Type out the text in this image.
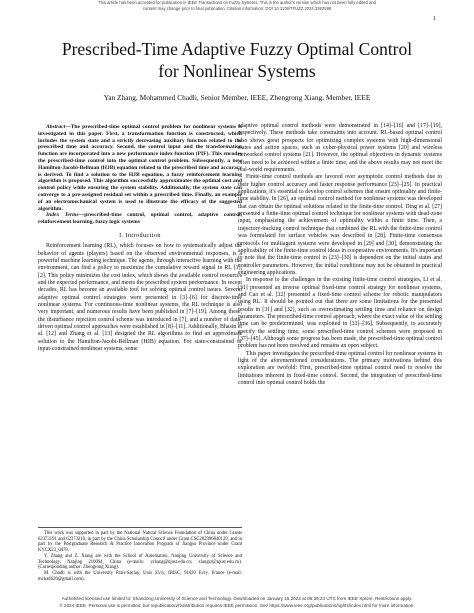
This article has been accepted for publication in IEEE Transactions on Fuzzy Systems. This is the author's version which has not been fully edited and
content may change prior to final publication. Citation information: DOI 10.1109/TFUZZ.2024.3362596
1
Prescribed-Time Adaptive Fuzzy Optimal Control
for Nonlinear Systems
Yan Zhang, Mohammed Chadli, Senior Member, IEEE, Zhengrong Xiang, Member, IEEE

Abstract—The prescribed-time optimal control problem for nonlinear systems is investigated in this paper. First, a transformation function is constructed, which includes the system state and a strictly decreasing auxiliary function related to the prescribed time and accuracy. Second, the control input and the transformation function are incorporated into a new performance index function (PIF). This encodes the prescribed-time control into the optimal control problem. Subsequently, a new Hamilton-Jacobi-Bellman (HJB) equation related to the prescribed time and accuracy is derived. To find a solution to the HJB equation, a fuzzy reinforcement learning algorithm is proposed. This algorithm successfully approximates the optimal cost and control policy while ensuring the system stability. Additionally, the system state can converge to a pre-assigned residual set within a prescribed time. Finally, an example of an electromechanical system is used to illustrate the efficacy of the suggested algorithm.

Index Terms—prescribed-time control, optimal control, adaptive control, reinforcement learning, fuzzy logic systems

I. Introduction

Reinforcement learning (RL), which focuses on how to systematically adjust the behavior of agents (players) based on the observed environmental responses, is a powerful machine learning technique. The agents, through interactive learning with the environment, can find a policy to maximize the cumulative reward signal in RL [1], [2]. This policy minimizes the cost index, which shows the available control resources and the expected performance, and meets the prescribed system performance. In recent decades, RL has become an available tool for solving optimal control issues. Several adaptive optimal control strategies were presented in [3]–[6] for discrete-time nonlinear systems. For continuous-time nonlinear systems, the RL technique is also very important, and numerous results have been published in [7]–[19]. Among these, the disturbance rejection control scheme was introduced in [7], and a number of data-driven optimal control approaches were established in [8]–[11]. Additionally, Bhasin et al. [12] and Zhang et al. [13] designed the RL algorithms to find an approximate solution to the Hamilton-Jacobi-Bellman (HJB) equation. For state-constrained or input-constrained nonlinear systems, some

This work was supported in part by the National Natural Science Foundation of China under Grants 62373191 and 62373210, in part by the China Scholarship Council under Grant CSC202306840129, and in part by the Postgraduate Research & Practice Innovation Program of Jiangsu Province under Grant KYCX23_0478.

Y. Zhang and Z. Xiang are with the School of Automation, Nanjing University of Science and Technology, Nanjing 210094, China (e-mails: yzhang@njust.edu.cn; xiangzr@njust.edu.cn). (Corresponding author: Zhengrong Xiang).

M. Chadli is with the University Paris-Saclay, Univ Evry, IBISC, 91020 Evry, France (e-mail: mchadli20@gmail.com).

adaptive optimal control methods were demonstrated in [14]–[16] and [17]–[19], respectively. These methods take constraints into account. RL-based optimal control also shows great prospects for optimizing complex systems with high-dimensional states and action spaces, such as cyber-physical power systems [20] and wireless networked control systems [21]. However, the optimal objectives in dynamic systems often need to be achieved within a finite time, and the above results may not meet the real-world requirements.

Finite-time control methods are favored over asymptotic control methods due to their higher control accuracy and faster response performance [23]–[25]. In practical applications, it's essential to develop control schemes that ensure optimality and finite-time stability. In [26], an optimal control method for nonlinear systems was developed that can obtain the optimal solutions related to the finite-time control. Ding et al. [27] presented a finite-time optimal control technique for nonlinear systems with dead-zone input, emphasizing the achievement of optimality within a finite time. Then, a trajectory-tracking control technique that combined the RL with the finite-time control was formulated for surface vehicles was described in [28]. Finite-time consensus protocols for multiagent systems were developed in [29] and [30], demonstrating the applicability of the finite-time control ideas in cooperative environments. It's important to note that the finite-time control in [23]–[30] is dependent on the initial states and controller parameters. However, the initial conditions may not be obtained in practical engineering applications.

In response to the challenges in the existing finite-time control strategies, Li et al. [31] presented an inverse optimal fixed-time control strategy for nonlinear systems, and Cao et al. [32] presented a fixed-time control scheme for robotic manipulators using RL. It should be pointed out that there are some limitations for the presented results in [31] and [32], such as overestimating settling time and reliance on design parameters. The prescribed-time control approach, where the exact value of the settling time can be predetermined, was exploited in [33]–[36]. Subsequently, to accurately specify the settling time, some prescribed-time control schemes were proposed in [37]–[45]. Although some progress has been made, the prescribed-time optimal control problem has not been resolved and remains an open subject.

This paper investigates the prescribed-time optimal control for nonlinear systems in light of the aforementioned considerations. The primary motivations behind this exploration are twofold: First, prescribed-time optimal control need to resolve the limitations inherent in fixed-time control. Second, the integration of prescribed-time control into optimal control holds the

Authorized licensed use limited to: Shandong University of Science and Technology. Downloaded on January 15,2024 at 06:39:24 UTC from IEEE Xplore. Restrictions apply.
© 2024 IEEE. Personal use is permitted, but republication/redistribution requires IEEE permission. See https://www.ieee.org/publications/rights/index.html for more information.
